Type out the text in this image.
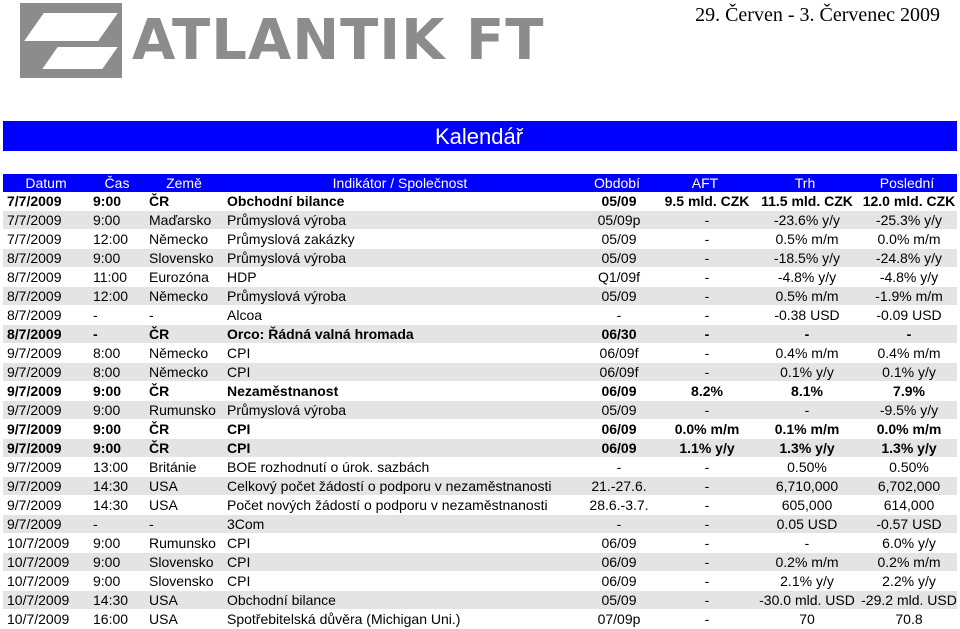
ATLANTIK FT	29. Červen - 3. Červenec 2009
Kalendář
Datum	Čas	Země	Indikátor / Společnost	Období	AFT	Trh	Poslední
7/7/2009	9:00	ČR	Obchodní bilance	05/09	9.5 mld. CZK	11.5 mld. CZK	12.0 mld. CZK
7/7/2009	9:00	Maďarsko	Průmyslová výroba	05/09p	-	-23.6% y/y	-25.3% y/y
7/7/2009	12:00	Německo	Průmyslová zakázky	05/09	-	0.5% m/m	0.0% m/m
8/7/2009	9:00	Slovensko	Průmyslová výroba	05/09	-	-18.5% y/y	-24.8% y/y
8/7/2009	11:00	Eurozóna	HDP	Q1/09f	-	-4.8% y/y	-4.8% y/y
8/7/2009	12:00	Německo	Průmyslová výroba	05/09	-	0.5% m/m	-1.9% m/m
8/7/2009	-	-	Alcoa	-	-	-0.38 USD	-0.09 USD
8/7/2009	-	ČR	Orco: Řádná valná hromada	06/30	-	-	-
9/7/2009	8:00	Německo	CPI	06/09f	-	0.4% m/m	0.4% m/m
9/7/2009	8:00	Německo	CPI	06/09f	-	0.1% y/y	0.1% y/y
9/7/2009	9:00	ČR	Nezaměstnanost	06/09	8.2%	8.1%	7.9%
9/7/2009	9:00	Rumunsko	Průmyslová výroba	05/09	-	-	-9.5% y/y
9/7/2009	9:00	ČR	CPI	06/09	0.0% m/m	0.1% m/m	0.0% m/m
9/7/2009	9:00	ČR	CPI	06/09	1.1% y/y	1.3% y/y	1.3% y/y
9/7/2009	13:00	Británie	BOE rozhodnutí o úrok. sazbách	-	-	0.50%	0.50%
9/7/2009	14:30	USA	Celkový počet žádostí o podporu v nezaměstnanosti	21.-27.6.	-	6,710,000	6,702,000
9/7/2009	14:30	USA	Počet nových žádostí o podporu v nezaměstnanosti	28.6.-3.7.	-	605,000	614,000
9/7/2009	-	-	3Com	-	-	0.05 USD	-0.57 USD
10/7/2009	9:00	Rumunsko	CPI	06/09	-	-	6.0% y/y
10/7/2009	9:00	Slovensko	CPI	06/09	-	0.2% m/m	0.2% m/m
10/7/2009	9:00	Slovensko	CPI	06/09	-	2.1% y/y	2.2% y/y
10/7/2009	14:30	USA	Obchodní bilance	05/09	-	-30.0 mld. USD	-29.2 mld. USD
10/7/2009	16:00	USA	Spotřebitelská důvěra (Michigan Uni.)	07/09p	-	70	70.8
